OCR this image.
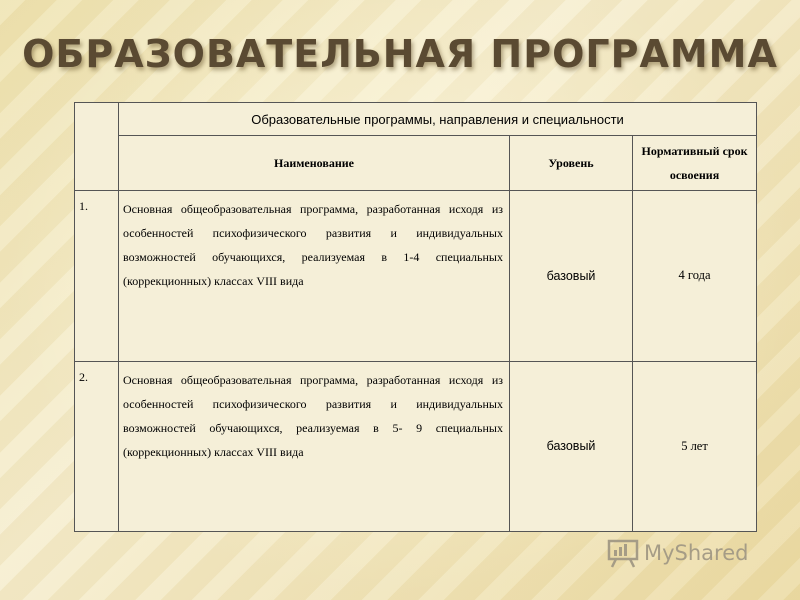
ОБРАЗОВАТЕЛЬНАЯ ПРОГРАММА
	Образовательные программы, направления и специальности		
	Наименование	Уровень	Нормативный срок освоения
1.	Основная общеобразовательная программа, разработанная исходя из особенностей психофизического развития и индивидуальных возможностей обучающихся, реализуемая в 1-4 специальных (коррекционных) классах VIII вида	базовый	4 года
2.	Основная общеобразовательная программа, разработанная исходя из особенностей психофизического развития и индивидуальных возможностей обучающихся, реализуемая в 5- 9 специальных (коррекционных) классах VIII вида	базовый	5 лет
MyShared
